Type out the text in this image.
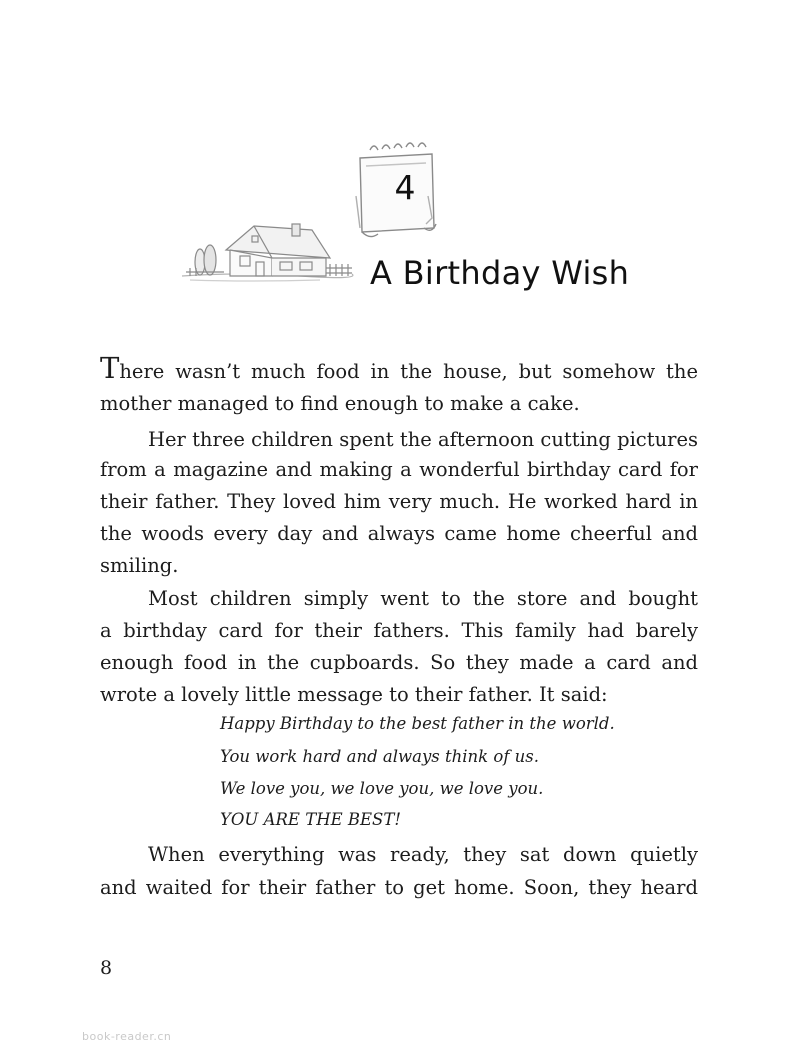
4
A Birthday Wish
There wasn’t much food in the house, but somehow the
mother managed to find enough to make a cake.
Her three children spent the afternoon cutting pictures
from a magazine and making a wonderful birthday card for
their father. They loved him very much. He worked hard in
the woods every day and always came home cheerful and
smiling.
Most children simply went to the store and bought
a birthday card for their fathers. This family had barely
enough food in the cupboards. So they made a card and
wrote a lovely little message to their father. It said:
Happy Birthday to the best father in the world.
You work hard and always think of us.
We love you, we love you, we love you.
YOU ARE THE BEST!
When everything was ready, they sat down quietly
and waited for their father to get home. Soon, they heard
8
book-reader.cn
